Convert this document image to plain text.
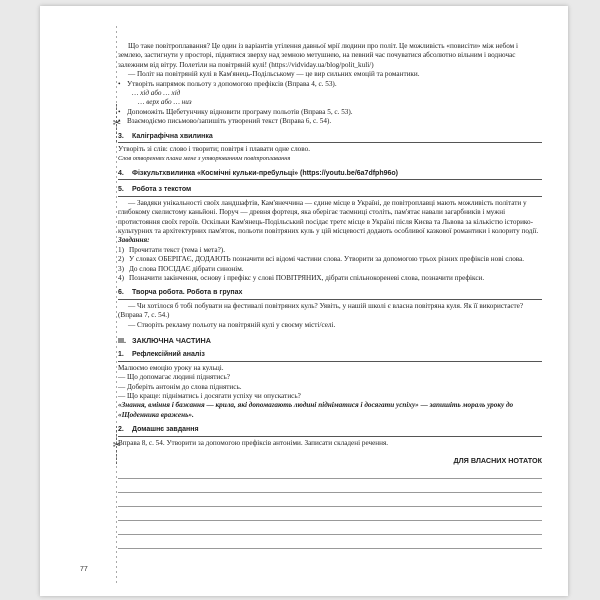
✂
✂

Що таке повітроплавання? Це один із варіантів утілення давньої мрії людини про політ. Це можливість «повисіти» між небом і землею, застигнути у просторі, піднятися зверху над земною метушнею, на певний час почуватися абсолютно вільним і водночас залежним від вітру. Полетіли на повітряній кулі! (https://vidviday.ua/blog/polit_kuli/)

— Політ на повітряній кулі в Кам'янець-Подільському — це вир сильних емоцій та романтики.

• Утворіть напрямок польоту з допомогою префіксів (Вправа 4, с. 53).

… хід або … хід

… верх або … низ

• Допоможіть Щебетунчику відновити програму польотів (Вправа 5, с. 53).

• Взаємодіємо письмово/запишіть утворений текст (Вправа 6, с. 54).

3. Каліграфічна хвилинка

Утворіть зі слів: слово і творити; повітря і плавати одне слово.

Слов отвореннях плана мене з утворюванням повітроплавання

4. Фізкультхвилинка «Космічні кульки-пребульці» (https://youtu.be/6a7dfph96o)
5. Робота з текстом

— Завдяки унікальності своїх ландшафтів, Кам'янеччина — єдине місце в Україні, де повітроплавці мають можливість політати у глибокому скелистому каньйоні. Поруч — древня фортеця, яка оберігає таємниці століть, пам'ятає навали загарбників і мужні протистояння своїх героїв. Оскільки Кам'янець-Подільський посідає третє місце в Україні після Києва та Львова за кількістю історико-культурних та архітектурних пам'яток, польоти повітряних куль у цій місцевості додають особливої казкової романтики і колориту події.

Завдання:

1) Прочитати текст (тема і мета?).

2) У словах ОБЕРІГАЄ, ДОДАЮТЬ позначити всі відомі частини слова. Утворити за допомогою трьох різних префіксів нові слова.

3) До слова ПОСІДАЄ дібрати синонім.

4) Позначити закінчення, основу і префікс у слові ПОВІТРЯНИХ, дібрати спільнокореневі слова, позначити префікси.

6. Творча робота. Робота в групах

— Чи хотілося б тобі побувати на фестивалі повітряних куль? Уявіть, у нашій школі є власна повітряна куля. Як її використаєте? (Вправа 7, с. 54.)

— Створіть рекламу польоту на повітряній кулі у своєму місті/селі.

III. ЗАКЛЮЧНА ЧАСТИНА
1. Рефлексійний аналіз

Малюємо емоцію уроку на кульці.

— Що допомагає людині піднятись?

— Доберіть антонім до слова піднятись.

— Що краще: підніматись і досягати успіху чи опускатись?

«Знання, вміння і бажання — крила, які допомагають людині підніматися і досягати успіху» — запишіть мораль уроку до «Щоденника вражень».

2. Домашнє завдання

Вправа 8, с. 54. Утворити за допомогою префіксів антоніми. Записати складені речення.

ДЛЯ ВЛАСНИХ НОТАТОК
77
